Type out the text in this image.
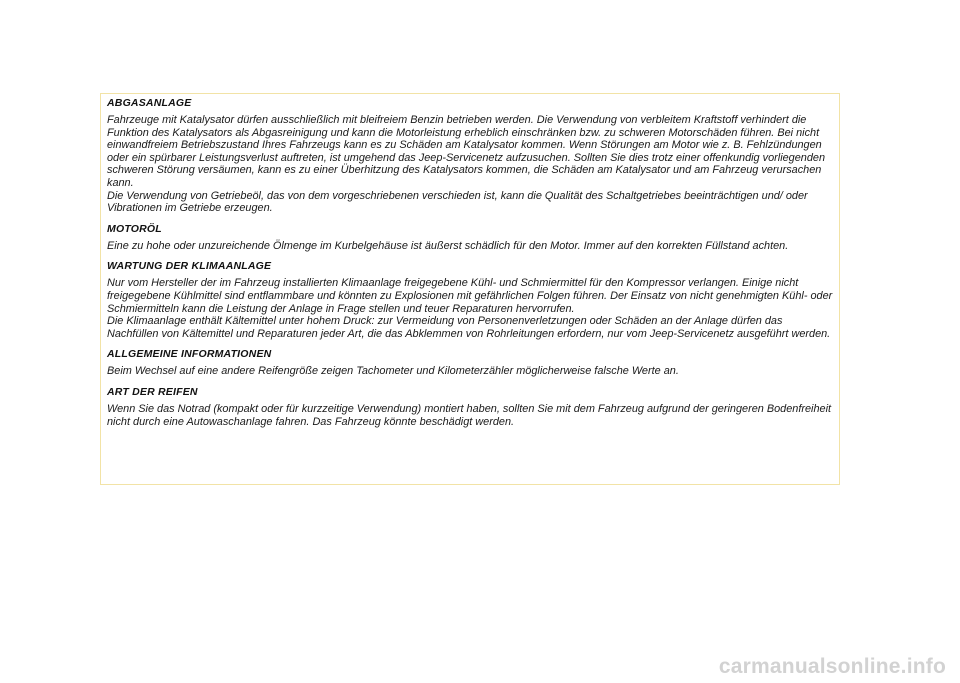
ABGASANLAGE

Fahrzeuge mit Katalysator dürfen ausschließlich mit bleifreiem Benzin betrieben werden. Die Verwendung von verbleitem Kraftstoff verhindert die Funktion des Katalysators als Abgasreinigung und kann die Motorleistung erheblich einschränken bzw. zu schweren Motorschäden führen. Bei nicht einwandfreiem Betriebszustand Ihres Fahrzeugs kann es zu Schäden am Katalysator kommen. Wenn Störungen am Motor wie z. B. Fehlzündungen oder ein spürbarer Leistungsverlust auftreten, ist umgehend das Jeep-Servicenetz aufzusuchen. Sollten Sie dies trotz einer offenkundig vorliegenden schweren Störung versäumen, kann es zu einer Überhitzung des Katalysators kommen, die Schäden am Katalysator und am Fahrzeug verursachen kann.

Die Verwendung von Getriebeöl, das von dem vorgeschriebenen verschieden ist, kann die Qualität des Schaltgetriebes beeinträchtigen und/ oder Vibrationen im Getriebe erzeugen.

MOTORÖL

Eine zu hohe oder unzureichende Ölmenge im Kurbelgehäuse ist äußerst schädlich für den Motor. Immer auf den korrekten Füllstand achten.

WARTUNG DER KLIMAANLAGE

Nur vom Hersteller der im Fahrzeug installierten Klimaanlage freigegebene Kühl- und Schmiermittel für den Kompressor verlangen. Einige nicht freigegebene Kühlmittel sind entflammbare und könnten zu Explosionen mit gefährlichen Folgen führen. Der Einsatz von nicht genehmigten Kühl- oder Schmiermitteln kann die Leistung der Anlage in Frage stellen und teuer Reparaturen hervorrufen.

Die Klimaanlage enthält Kältemittel unter hohem Druck: zur Vermeidung von Personenverletzungen oder Schäden an der Anlage dürfen das Nachfüllen von Kältemittel und Reparaturen jeder Art, die das Abklemmen von Rohrleitungen erfordern, nur vom Jeep-Servicenetz ausgeführt werden.

ALLGEMEINE INFORMATIONEN

Beim Wechsel auf eine andere Reifengröße zeigen Tachometer und Kilometerzähler möglicherweise falsche Werte an.

ART DER REIFEN

Wenn Sie das Notrad (kompakt oder für kurzzeitige Verwendung) montiert haben, sollten Sie mit dem Fahrzeug aufgrund der geringeren Bodenfreiheit nicht durch eine Autowaschanlage fahren. Das Fahrzeug könnte beschädigt werden.

carmanualsonline.info
